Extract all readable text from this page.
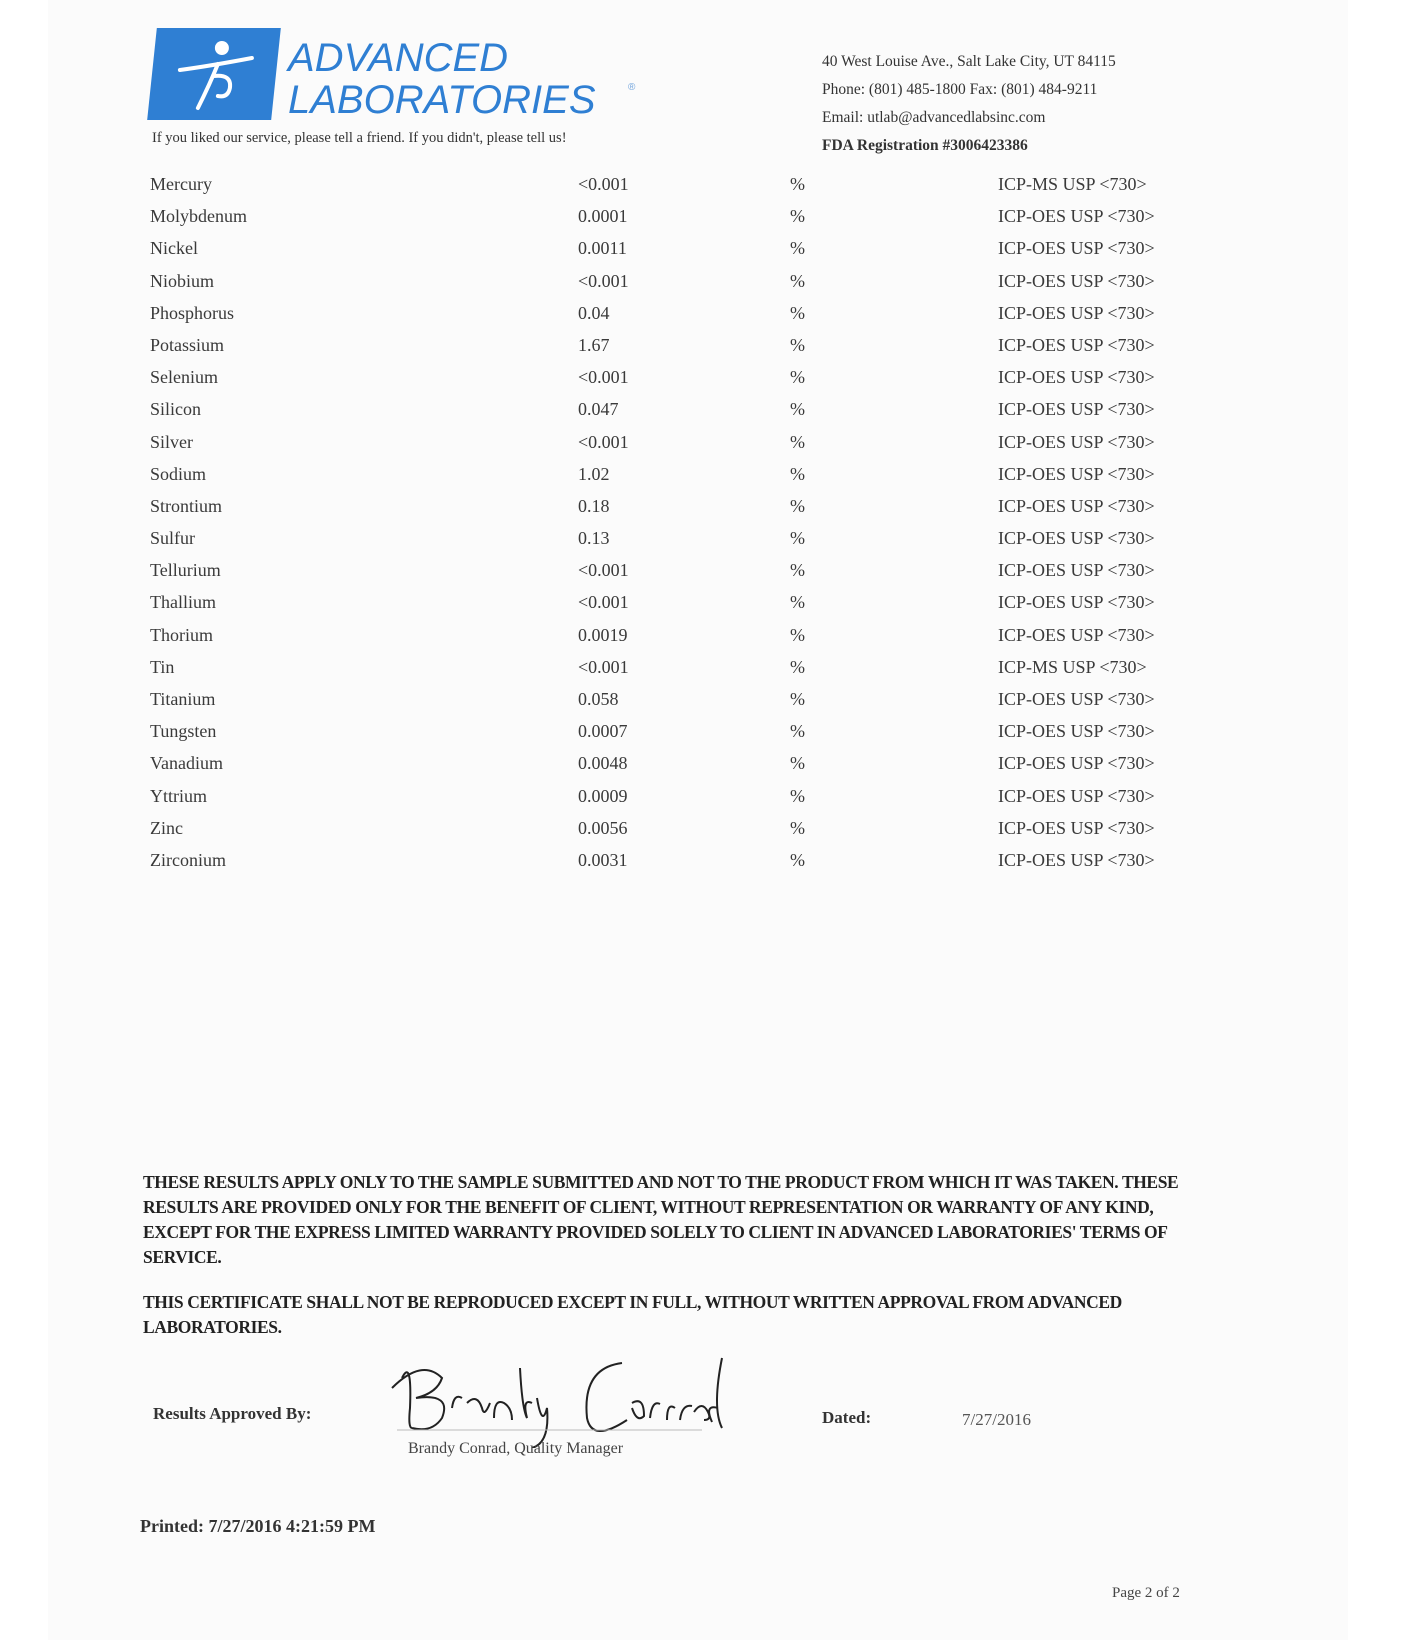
ADVANCED
LABORATORIES	®
If you liked our service, please tell a friend. If you didn't, please tell us!
40 West Louise Ave., Salt Lake City, UT 84115
Phone: (801) 485-1800 Fax: (801) 484-9211
Email: utlab@advancedlabsinc.com
FDA Registration #3006423386
Mercury	<0.001	%	ICP-MS USP <730>
Molybdenum	0.0001	%	ICP-OES USP <730>
Nickel	0.0011	%	ICP-OES USP <730>
Niobium	<0.001	%	ICP-OES USP <730>
Phosphorus	0.04	%	ICP-OES USP <730>
Potassium	1.67	%	ICP-OES USP <730>
Selenium	<0.001	%	ICP-OES USP <730>
Silicon	0.047	%	ICP-OES USP <730>
Silver	<0.001	%	ICP-OES USP <730>
Sodium	1.02	%	ICP-OES USP <730>
Strontium	0.18	%	ICP-OES USP <730>
Sulfur	0.13	%	ICP-OES USP <730>
Tellurium	<0.001	%	ICP-OES USP <730>
Thallium	<0.001	%	ICP-OES USP <730>
Thorium	0.0019	%	ICP-OES USP <730>
Tin	<0.001	%	ICP-MS USP <730>
Titanium	0.058	%	ICP-OES USP <730>
Tungsten	0.0007	%	ICP-OES USP <730>
Vanadium	0.0048	%	ICP-OES USP <730>
Yttrium	0.0009	%	ICP-OES USP <730>
Zinc	0.0056	%	ICP-OES USP <730>
Zirconium	0.0031	%	ICP-OES USP <730>
THESE RESULTS APPLY ONLY TO THE SAMPLE SUBMITTED AND NOT TO THE PRODUCT FROM WHICH IT WAS TAKEN. THESE RESULTS ARE PROVIDED ONLY FOR THE BENEFIT OF CLIENT, WITHOUT REPRESENTATION OR WARRANTY OF ANY KIND, EXCEPT FOR THE EXPRESS LIMITED WARRANTY PROVIDED SOLELY TO CLIENT IN ADVANCED LABORATORIES' TERMS OF SERVICE.
THIS CERTIFICATE SHALL NOT BE REPRODUCED EXCEPT IN FULL, WITHOUT WRITTEN APPROVAL FROM ADVANCED LABORATORIES.
Results Approved By:
Brandy Conrad, Quality Manager
Dated:	7/27/2016
Printed: 7/27/2016 4:21:59 PM
Page 2 of 2
